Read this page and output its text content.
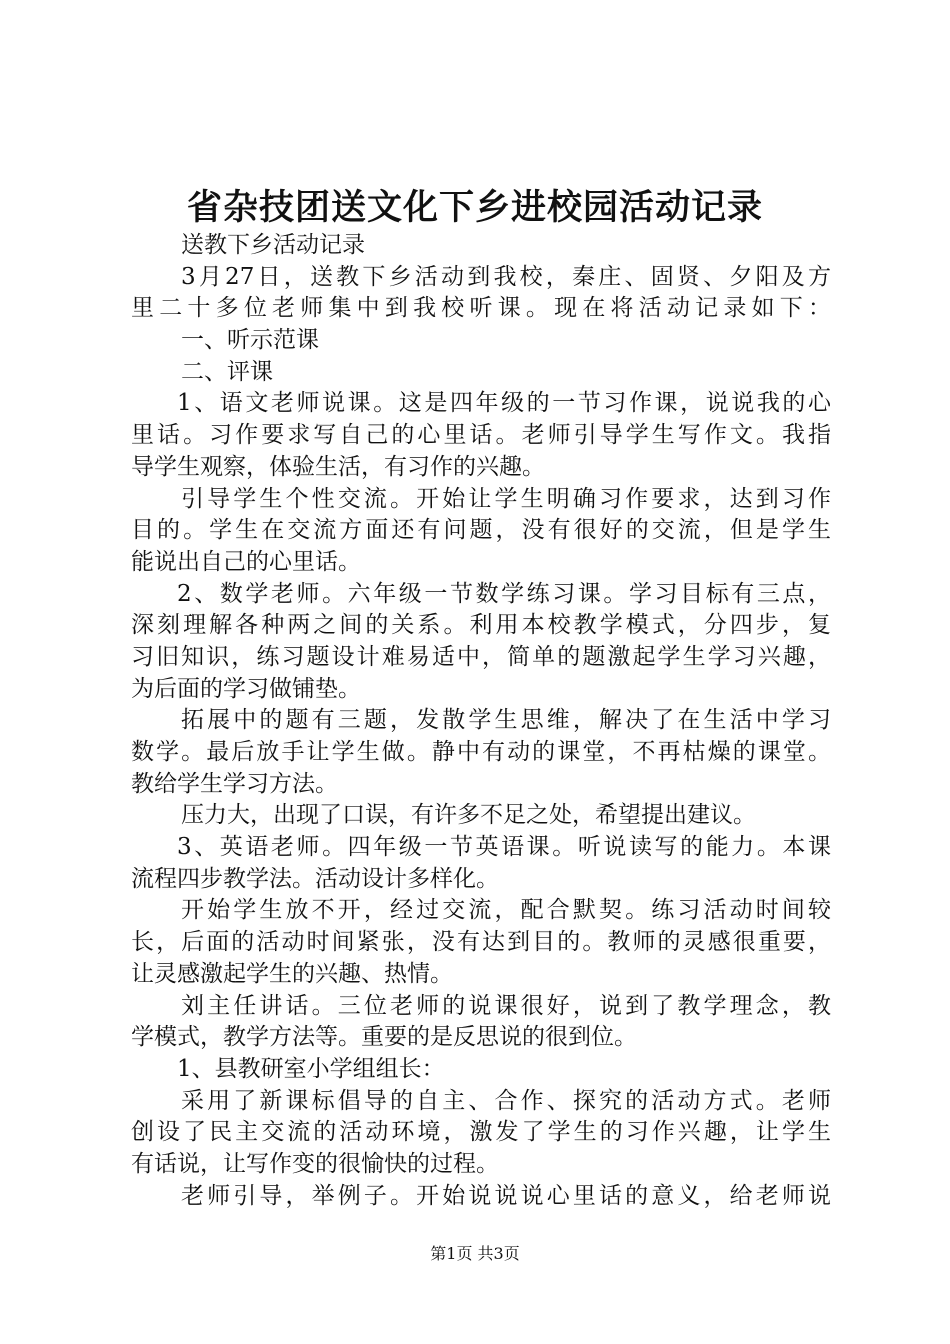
省杂技团送文化下乡进校园活动记录
送教下乡活动记录
3月27日，送教下乡活动到我校，秦庄、固贤、夕阳及方
里二十多位老师集中到我校听课。现在将活动记录如下：
一、听示范课
二、评课
1、语文老师说课。这是四年级的一节习作课，说说我的心
里话。习作要求写自己的心里话。老师引导学生写作文。我指
导学生观察，体验生活，有习作的兴趣。
引导学生个性交流。开始让学生明确习作要求，达到习作
目的。学生在交流方面还有问题，没有很好的交流，但是学生
能说出自己的心里话。
2、数学老师。六年级一节数学练习课。学习目标有三点，
深刻理解各种两之间的关系。利用本校教学模式，分四步，复
习旧知识，练习题设计难易适中，简单的题激起学生学习兴趣，
为后面的学习做铺垫。
拓展中的题有三题，发散学生思维，解决了在生活中学习
数学。最后放手让学生做。静中有动的课堂，不再枯燥的课堂。
教给学生学习方法。
压力大，出现了口误，有许多不足之处，希望提出建议。
3、英语老师。四年级一节英语课。听说读写的能力。本课
流程四步教学法。活动设计多样化。
开始学生放不开，经过交流，配合默契。练习活动时间较
长，后面的活动时间紧张，没有达到目的。教师的灵感很重要，
让灵感激起学生的兴趣、热情。
刘主任讲话。三位老师的说课很好，说到了教学理念，教
学模式，教学方法等。重要的是反思说的很到位。
1、县教研室小学组组长：
采用了新课标倡导的自主、合作、探究的活动方式。老师
创设了民主交流的活动环境，激发了学生的习作兴趣，让学生
有话说，让写作变的很愉快的过程。
老师引导，举例子。开始说说说心里话的意义，给老师说
第1页 共3页
